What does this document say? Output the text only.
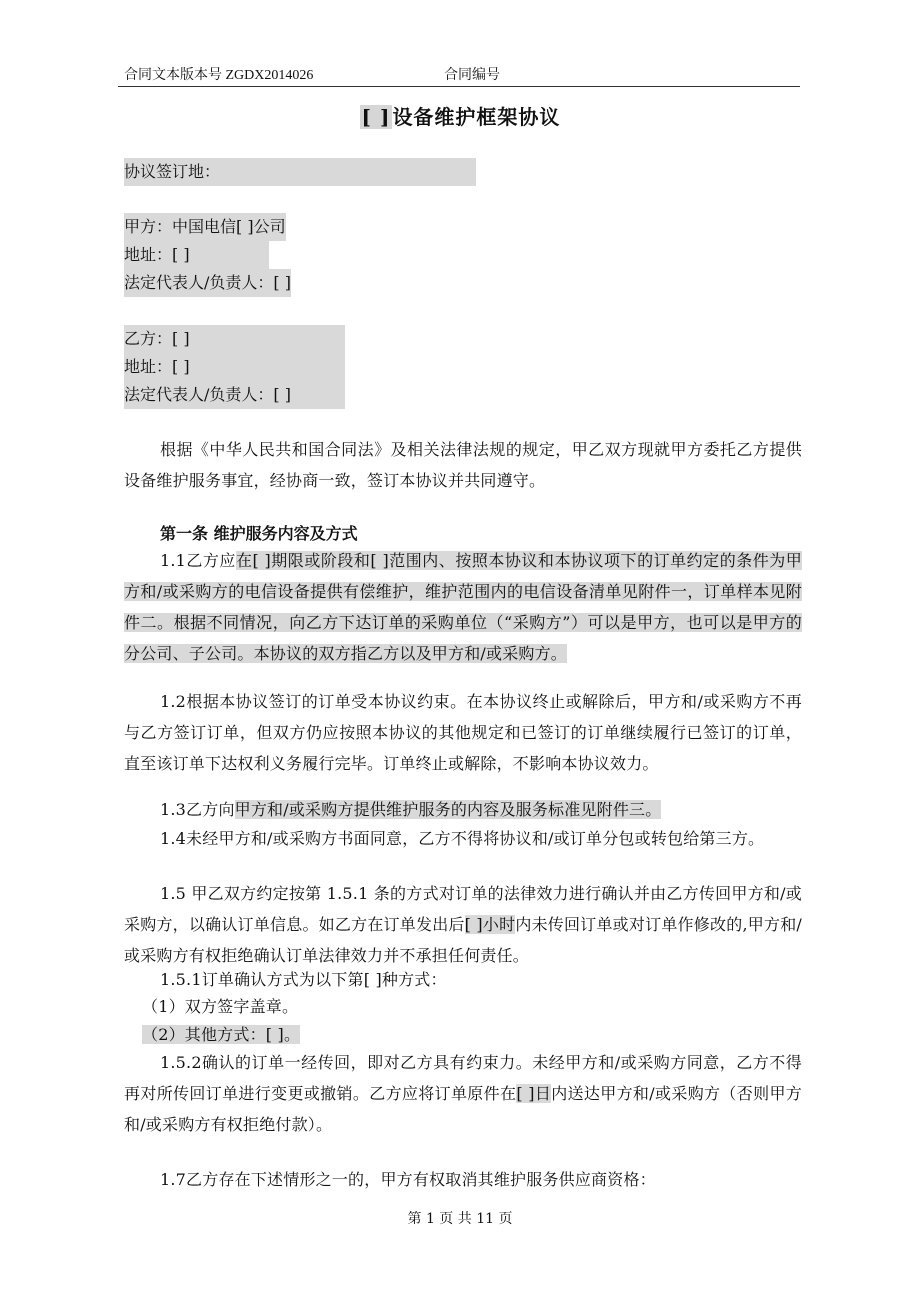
合同文本版本号 ZGDX2014026	合同编号
[ ] 设备维护框架协议
协议签订地：
甲方：中国电信[ ]公司
地址：[ ]
法定代表人/负责人：[ ]
乙方：[ ]
地址：[ ]
法定代表人/负责人：[ ]
根据《中华人民共和国合同法》及相关法律法规的规定，甲乙双方现就甲方委托乙方提供设备维护服务事宜，经协商一致，签订本协议并共同遵守。
第一条 维护服务内容及方式
1.1乙方应在[ ]期限或阶段和[ ]范围内、按照本协议和本协议项下的订单约定的条件为甲方和/或采购方的电信设备提供有偿维护，维护范围内的电信设备清单见附件一，订单样本见附件二。根据不同情况，向乙方下达订单的采购单位（“采购方”）可以是甲方，也可以是甲方的分公司、子公司。本协议的双方指乙方以及甲方和/或采购方。
1.2根据本协议签订的订单受本协议约束。在本协议终止或解除后，甲方和/或采购方不再与乙方签订订单，但双方仍应按照本协议的其他规定和已签订的订单继续履行已签订的订单，直至该订单下达权利义务履行完毕。订单终止或解除，不影响本协议效力。
1.3乙方向甲方和/或采购方提供维护服务的内容及服务标准见附件三。
1.4未经甲方和/或采购方书面同意，乙方不得将协议和/或订单分包或转包给第三方。
1.5 甲乙双方约定按第 1.5.1 条的方式对订单的法律效力进行确认并由乙方传回甲方和/或采购方，以确认订单信息。如乙方在订单发出后[ ]小时内未传回订单或对订单作修改的,甲方和/或采购方有权拒绝确认订单法律效力并不承担任何责任。
1.5.1订单确认方式为以下第[ ]种方式：
（1）双方签字盖章。
（2）其他方式：[ ]。
1.5.2确认的订单一经传回，即对乙方具有约束力。未经甲方和/或采购方同意，乙方不得再对所传回订单进行变更或撤销。乙方应将订单原件在[ ]日内送达甲方和/或采购方（否则甲方和/或采购方有权拒绝付款）。
1.7乙方存在下述情形之一的，甲方有权取消其维护服务供应商资格：
第 1 页 共 11 页
